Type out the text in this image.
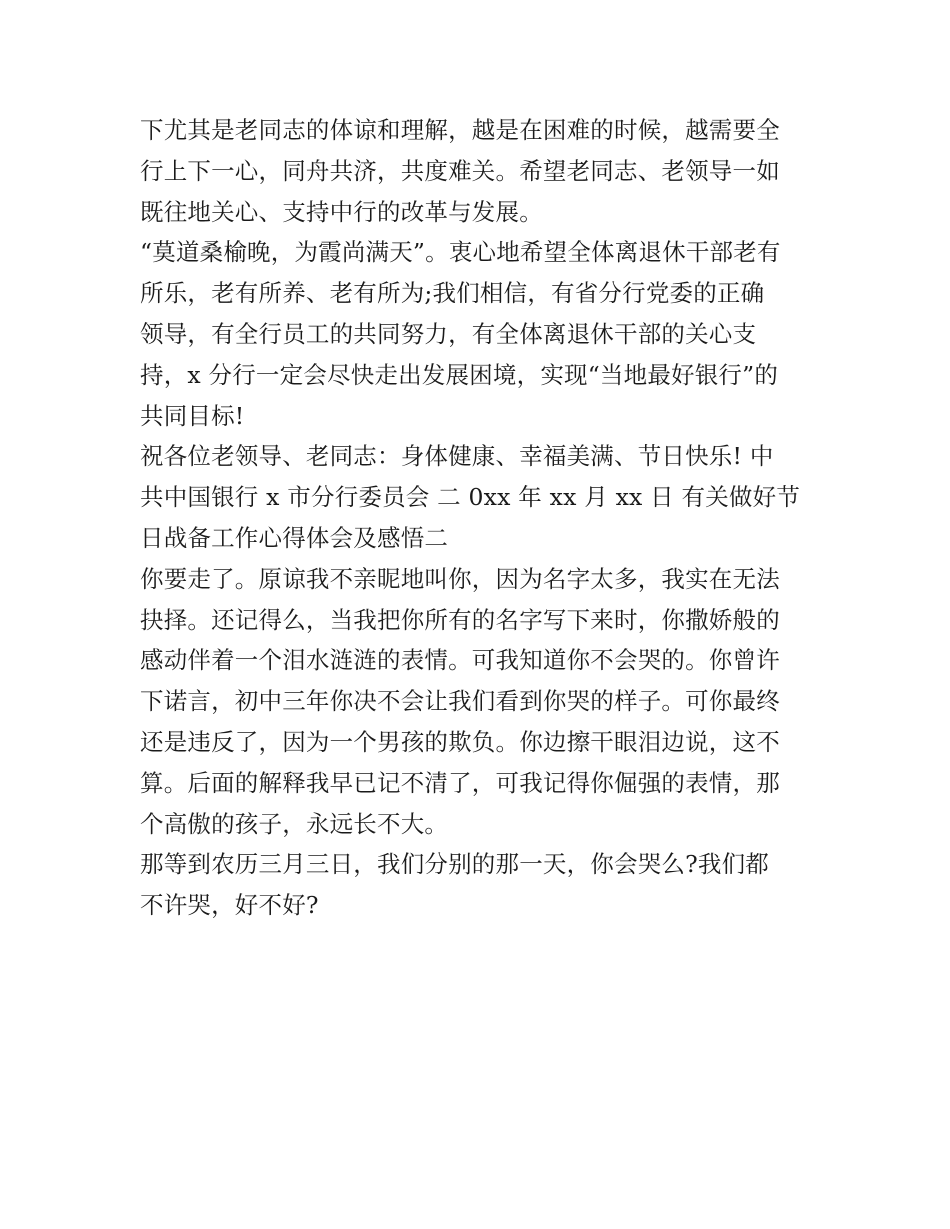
下尤其是老同志的体谅和理解，越是在困难的时候，越需要全

行上下一心，同舟共济，共度难关。希望老同志、老领导一如

既往地关心、支持中行的改革与发展。

“莫道桑榆晚，为霞尚满天”。衷心地希望全体离退休干部老有

所乐，老有所养、老有所为;我们相信，有省分行党委的正确

领导，有全行员工的共同努力，有全体离退休干部的关心支

持，x 分行一定会尽快走出发展困境，实现“当地最好银行”的

共同目标!

祝各位老领导、老同志：身体健康、幸福美满、节日快乐! 中

共中国银行 x 市分行委员会 二 0xx 年 xx 月 xx 日 有关做好节

日战备工作心得体会及感悟二

你要走了。原谅我不亲昵地叫你，因为名字太多，我实在无法

抉择。还记得么，当我把你所有的名字写下来时，你撒娇般的

感动伴着一个泪水涟涟的表情。可我知道你不会哭的。你曾许

下诺言，初中三年你决不会让我们看到你哭的样子。可你最终

还是违反了，因为一个男孩的欺负。你边擦干眼泪边说，这不

算。后面的解释我早已记不清了，可我记得你倔强的表情，那

个高傲的孩子，永远长不大。

那等到农历三月三日，我们分别的那一天，你会哭么?我们都

不许哭，好不好?
